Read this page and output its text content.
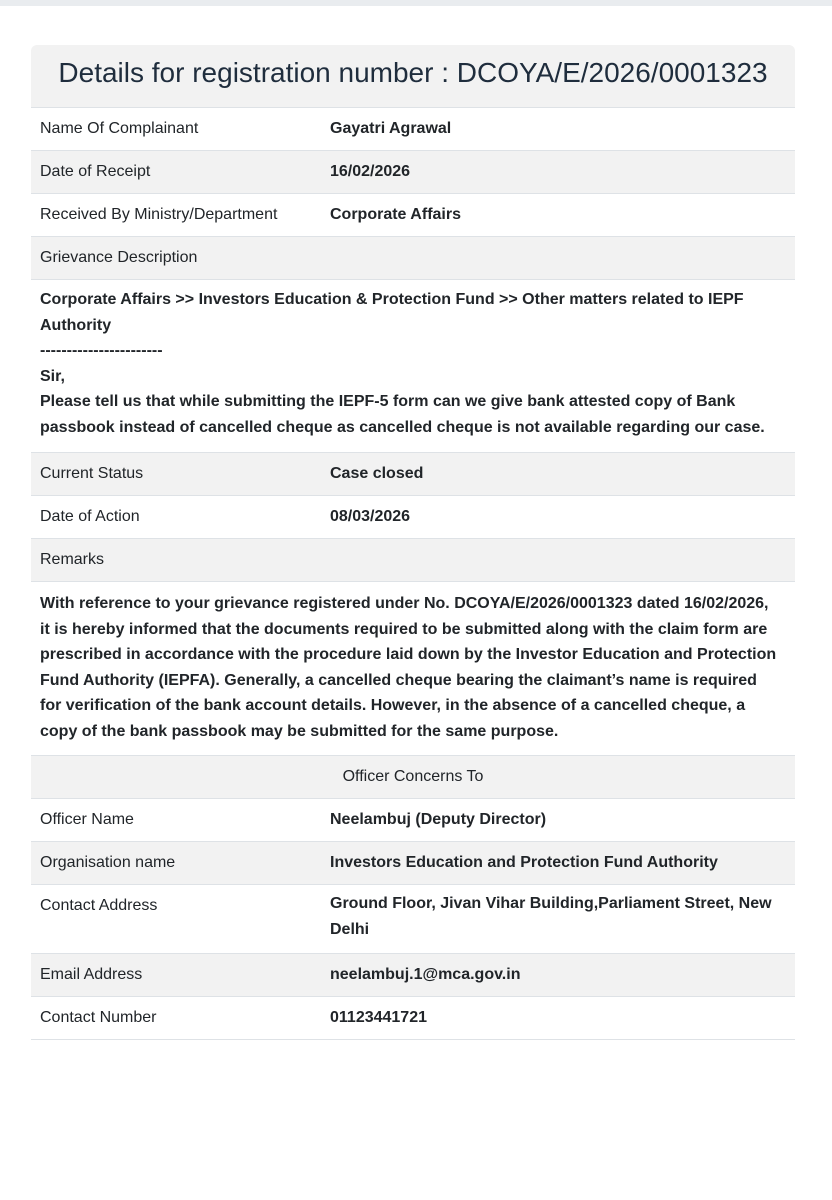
Details for registration number : DCOYA/E/2026/0001323
Name Of Complainant	Gayatri Agrawal
Date of Receipt	16/02/2026
Received By Ministry/Department	Corporate Affairs
Grievance Description
Corporate Affairs >> Investors Education & Protection Fund >> Other matters related to IEPF Authority
-----------------------
Sir,
Please tell us that while submitting the IEPF-5 form can we give bank attested copy of Bank passbook instead of cancelled cheque as cancelled cheque is not available regarding our case.
Current Status	Case closed
Date of Action	08/03/2026
Remarks
With reference to your grievance registered under No. DCOYA/E/2026/0001323 dated 16/02/2026, it is hereby informed that the documents required to be submitted along with the claim form are prescribed in accordance with the procedure laid down by the Investor Education and Protection Fund Authority (IEPFA). Generally, a cancelled cheque bearing the claimant’s name is required for verification of the bank account details. However, in the absence of a cancelled cheque, a copy of the bank passbook may be submitted for the same purpose.
Officer Concerns To
Officer Name	Neelambuj (Deputy Director)
Organisation name	Investors Education and Protection Fund Authority
Contact Address	Ground Floor, Jivan Vihar Building,Parliament Street, New Delhi
Email Address	neelambuj.1@mca.gov.in
Contact Number	01123441721
